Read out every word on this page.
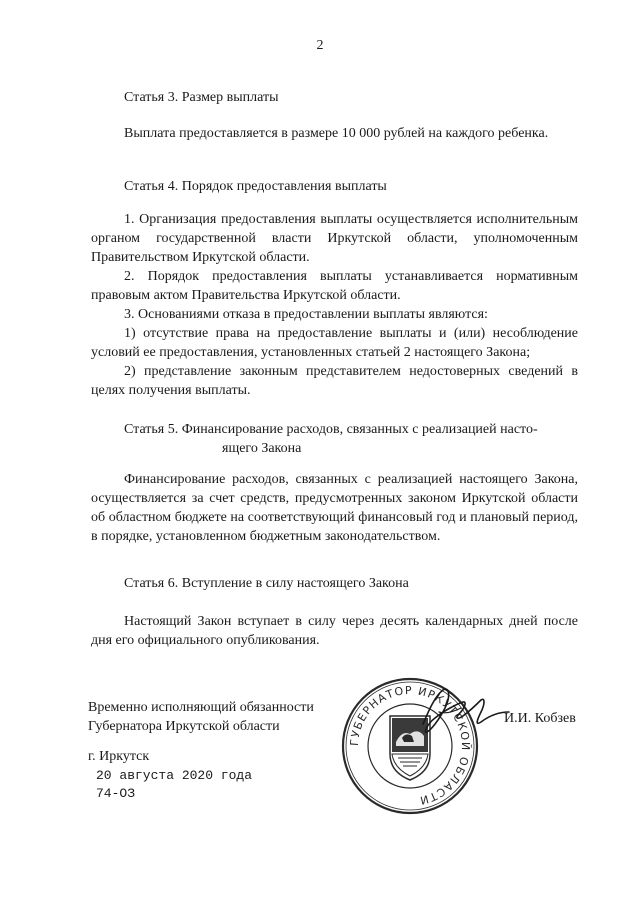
2

Статья 3. Размер выплаты

Выплата предоставляется в размере 10 000 рублей на каждого ребенка.

Статья 4. Порядок предоставления выплаты

1. Организация предоставления выплаты осуществляется исполнительным органом государственной власти Иркутской области, уполномоченным Правительством Иркутской области.

2. Порядок предоставления выплаты устанавливается нормативным правовым актом Правительства Иркутской области.

3. Основаниями отказа в предоставлении выплаты являются:

1) отсутствие права на предоставление выплаты и (или) несоблюдение условий ее предоставления, установленных статьей 2 настоящего Закона;

2) представление законным представителем недостоверных сведений в целях получения выплаты.

Статья 5. Финансирование расходов, связанных с реализацией насто-
ящего Закона

Финансирование расходов, связанных с реализацией настоящего Закона, осуществляется за счет средств, предусмотренных законом Иркутской области об областном бюджете на соответствующий финансовый год и плановый период, в порядке, установленном бюджетным законодательством.

Статья 6. Вступление в силу настоящего Закона

Настоящий Закон вступает в силу через десять календарных дней после дня его официального опубликования.

Временно исполняющий обязанности
Губернатора Иркутской области
ГУБЕРНАТОР ИРКУТСКОЙ ОБЛАСТИ
И.И. Кобзев
г. Иркутск
20 августа 2020 года
74-ОЗ
